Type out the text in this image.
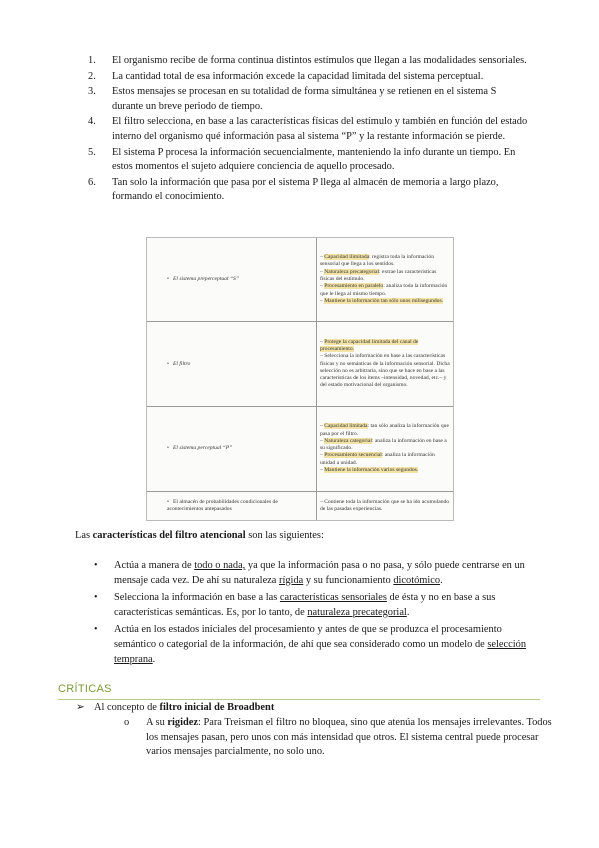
1. El organismo recibe de forma continua distintos estímulos que llegan a las modalidades sensoriales.
2. La cantidad total de esa información excede la capacidad limitada del sistema perceptual.
3. Estos mensajes se procesan en su totalidad de forma simultánea y se retienen en el sistema S durante un breve periodo de tiempo.
4. El filtro selecciona, en base a las características físicas del estímulo y también en función del estado interno del organismo qué información pasa al sistema “P” y la restante información se pierde.
5. El sistema P procesa la información secuencialmente, manteniendo la info durante un tiempo. En estos momentos el sujeto adquiere conciencia de aquello procesado.
6. Tan solo la información que pasa por el sistema P llega al almacén de memoria a largo plazo, formando el conocimiento.
• El sistema preperceptual “S”	– Capacidad ilimitada: registra toda la información sensorial que llega a los sentidos.
– Naturaleza precategorial: extrae las características físicas del estímulo.
– Procesamiento en paralelo: analiza toda la información que le llega al mismo tiempo.
– Mantiene la información tan sólo unos milisegundos.

• El filtro	– Protege la capacidad limitada del canal de procesamiento.
– Selecciona la información en base a las características físicas y no semánticas de la información sensorial. Dicha selección no es arbitraria, sino que se hace en base a las características de los ítems –intensidad, novedad, etc.– y del estado motivacional del organismo.

• El sistema perceptual “P”	– Capacidad limitada: tan sólo analiza la información que pasa por el filtro.
– Naturaleza categorial: analiza la información en base a su significado.
– Procesamiento secuencial: analiza la información unidad a unidad.
– Mantiene la información varios segundos.

• El almacén de probabilidades condicionales de acontecimientos antepasados	– Contiene toda la información que se ha ido acumulando de las pasadas experiencias.
Las características del filtro atencional son las siguientes:
• Actúa a manera de todo o nada, ya que la información pasa o no pasa, y sólo puede centrarse en un mensaje cada vez. De ahí su naturaleza rígida y su funcionamiento dicotómico.
• Selecciona la información en base a las características sensoriales de ésta y no en base a sus características semánticas. Es, por lo tanto, de naturaleza precategorial.
• Actúa en los estados iniciales del procesamiento y antes de que se produzca el procesamiento semántico o categorial de la información, de ahí que sea considerado como un modelo de selección temprana.
CRÍTICAS
➢ Al concepto de filtro inicial de Broadbent
o A su rigidez: Para Treisman el filtro no bloquea, sino que atenúa los mensajes irrelevantes. Todos los mensajes pasan, pero unos con más intensidad que otros. El sistema central puede procesar varios mensajes parcialmente, no solo uno.
